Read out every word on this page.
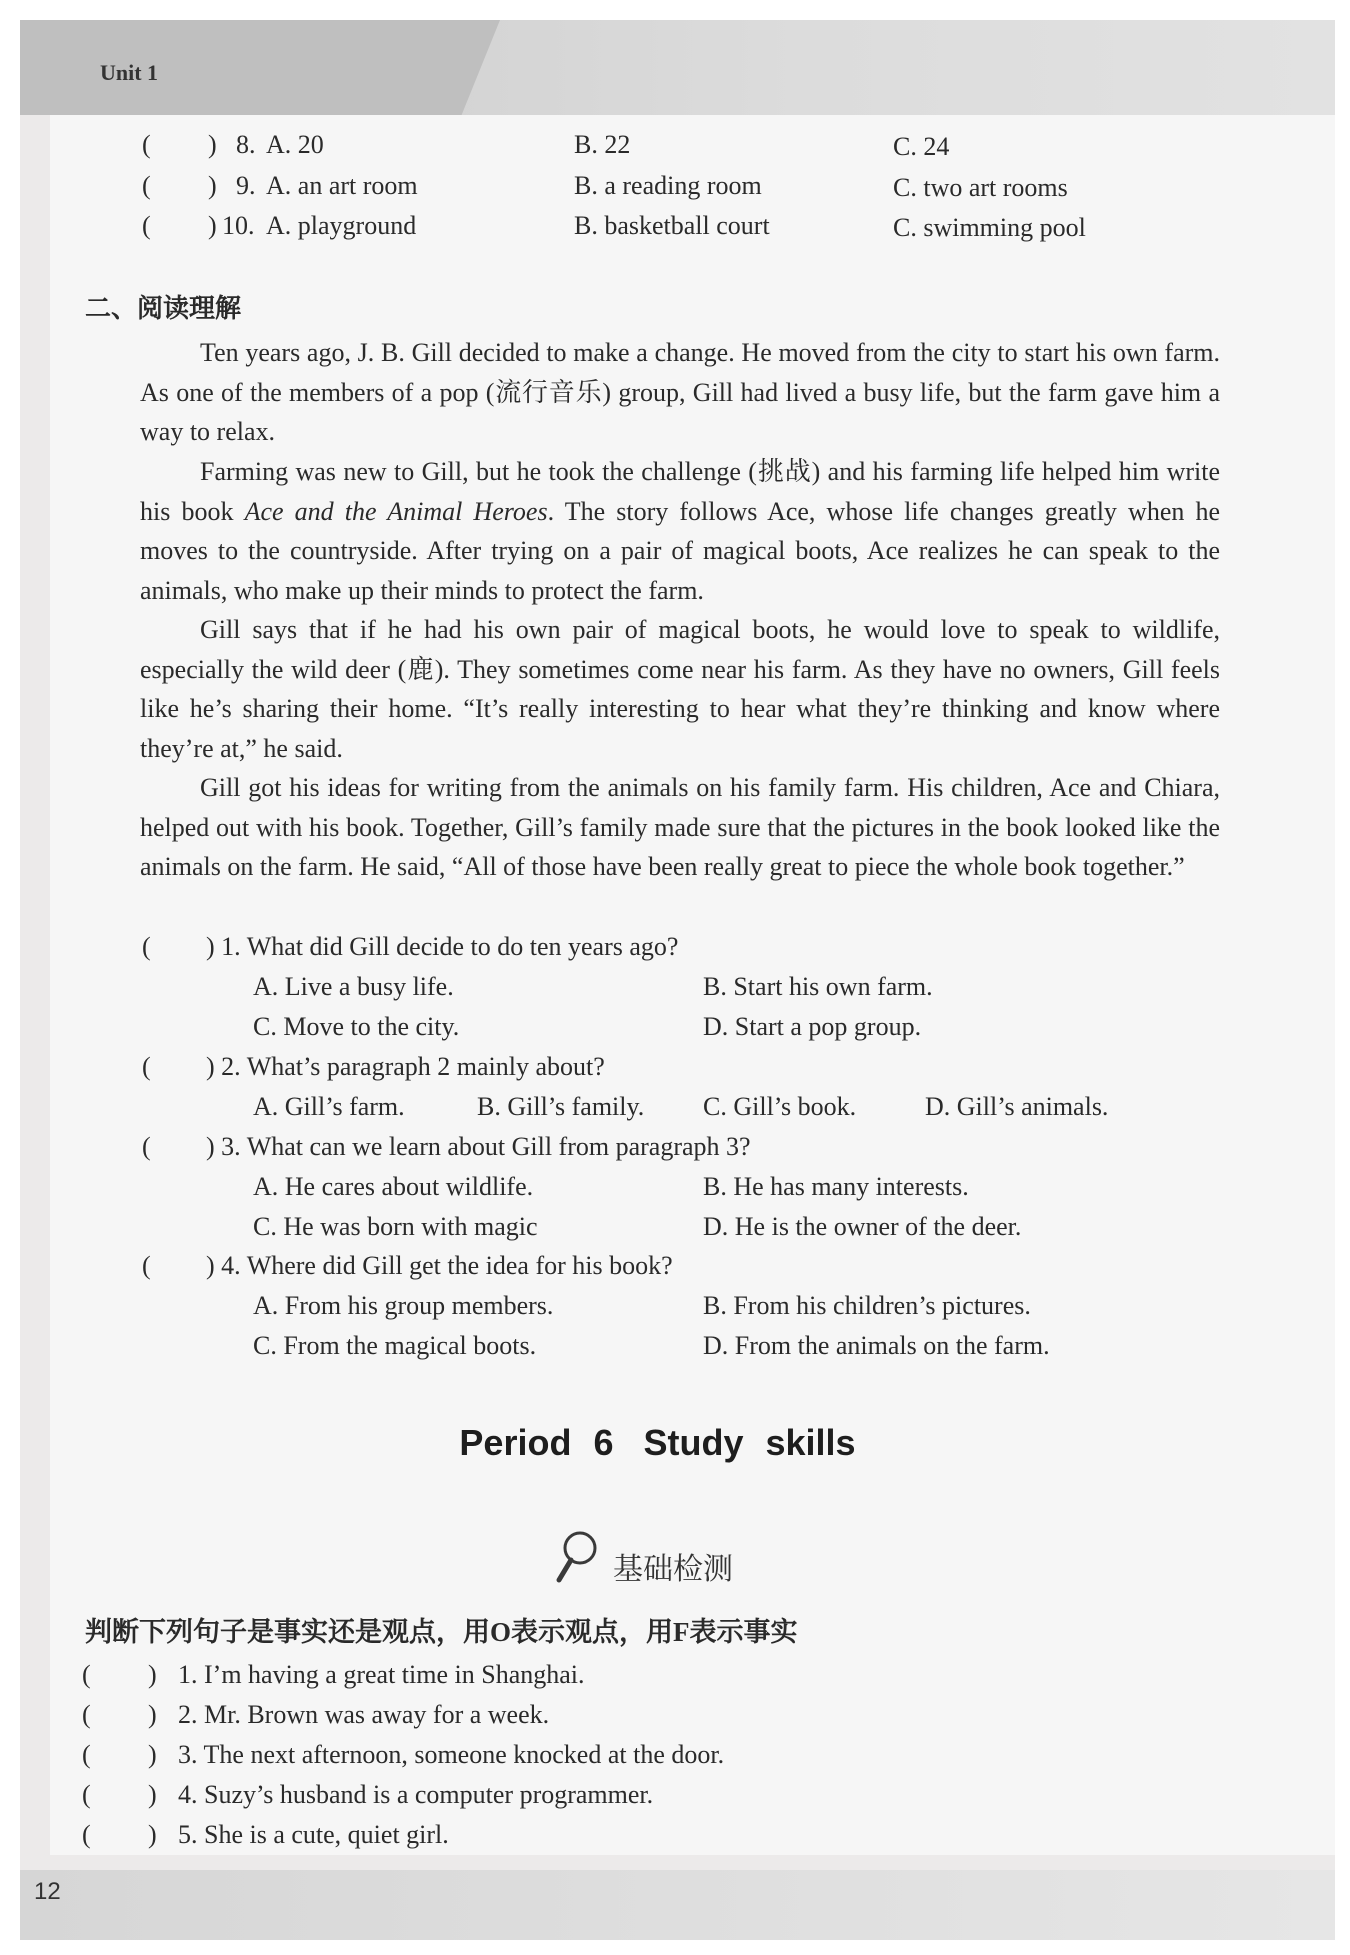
Unit 1
12
( ) 8. A. 20	B. 22	C. 24
( ) 9. A. an art room	B. a reading room	C. two art rooms
( ) 10. A. playground	B. basketball court	C. swimming pool
二、阅读理解
Ten years ago, J. B. Gill decided to make a change. He moved from the city to start his own farm. As one of the members of a pop (流行音乐) group, Gill had lived a busy life, but the farm gave him a way to relax.
Farming was new to Gill, but he took the challenge (挑战) and his farming life helped him write his book Ace and the Animal Heroes. The story follows Ace, whose life changes greatly when he moves to the countryside. After trying on a pair of magical boots, Ace realizes he can speak to the animals, who make up their minds to protect the farm.
Gill says that if he had his own pair of magical boots, he would love to speak to wildlife, especially the wild deer (鹿). They sometimes come near his farm. As they have no owners, Gill feels like he’s sharing their home. “It’s really interesting to hear what they’re thinking and know where they’re at,” he said.
Gill got his ideas for writing from the animals on his family farm. His children, Ace and Chiara, helped out with his book. Together, Gill’s family made sure that the pictures in the book looked like the animals on the farm. He said, “All of those have been really great to piece the whole book together.”
( ) 1. What did Gill decide to do ten years ago?
A. Live a busy life.	B. Start his own farm.
C. Move to the city.	D. Start a pop group.
( ) 2. What’s paragraph 2 mainly about?
A. Gill’s farm.	B. Gill’s family. C. Gill’s book.	D. Gill’s animals.
( ) 3. What can we learn about Gill from paragraph 3?
A. He cares about wildlife.	B. He has many interests.
C. He was born with magic	D. He is the owner of the deer.
( ) 4. Where did Gill get the idea for his book?
A. From his group members.	B. From his children’s pictures.
C. From the magical boots.	D. From the animals on the farm.
Period 6 Study skills
基础检测
判断下列句子是事实还是观点，用O表示观点，用F表示事实
( ) 1. I’m having a great time in Shanghai.
( ) 2. Mr. Brown was away for a week.
( ) 3. The next afternoon, someone knocked at the door.
( ) 4. Suzy’s husband is a computer programmer.
( ) 5. She is a cute, quiet girl.
